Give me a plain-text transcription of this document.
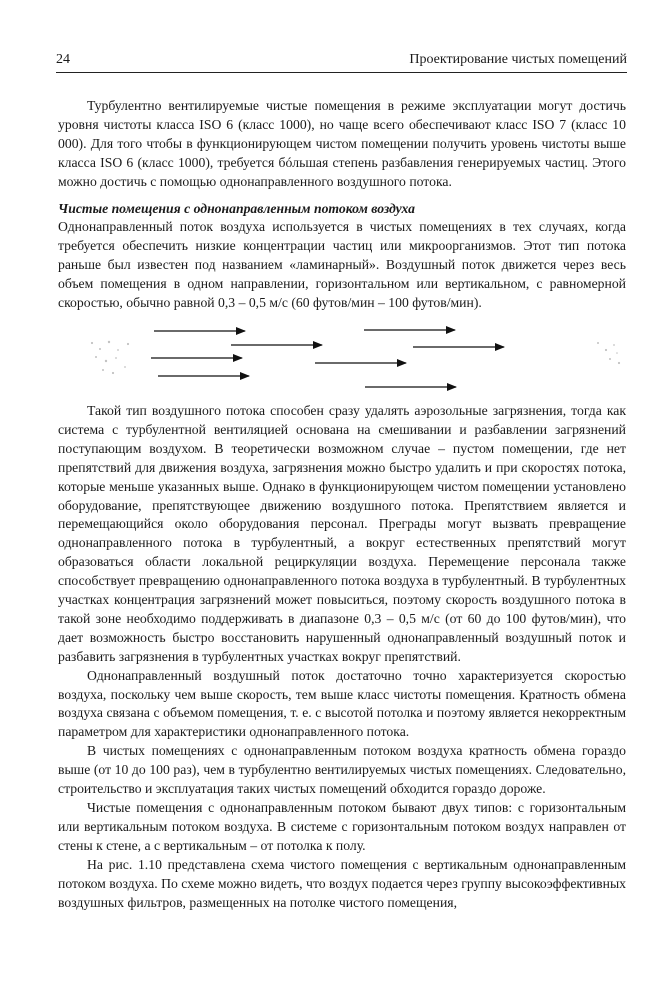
24	Проектирование чистых помещений

Турбулентно вентилируемые чистые помещения в режиме эксплуатации могут достичь уровня чистоты класса ISO 6 (класс 1000), но чаще всего обеспечивают класс ISO 7 (класс 10 000). Для того чтобы в функционирующем чистом помещении получить уровень чистоты выше класса ISO 6 (класс 1000), требуется бóльшая степень разбавления генерируемых частиц. Этого можно достичь с помощью однонаправленного воздушного потока.

Чистые помещения с однонаправленным потоком воздуха

Однонаправленный поток воздуха используется в чистых помещениях в тех случаях, когда требуется обеспечить низкие концентрации частиц или микроорганизмов. Этот тип потока раньше был известен под названием «ламинарный». Воздушный поток движется через весь объем помещения в одном направлении, горизонтальном или вертикальном, с равномерной скоростью, обычно равной 0,3 – 0,5 м/с (60 футов/мин – 100 футов/мин).

Такой тип воздушного потока способен сразу удалять аэрозольные загрязнения, тогда как система с турбулентной вентиляцией основана на смешивании и разбавлении загрязнений поступающим воздухом. В теоретически возможном случае – пустом помещении, где нет препятствий для движения воздуха, загрязнения можно быстро удалить и при скоростях потока, которые меньше указанных выше. Однако в функционирующем чистом помещении установлено оборудование, препятствующее движению воздушного потока. Препятствием является и перемещающийся около оборудования персонал. Преграды могут вызвать превращение однонаправленного потока в турбулентный, а вокруг естественных препятствий могут образоваться области локальной рециркуляции воздуха. Перемещение персонала также способствует превращению однонаправленного потока воздуха в турбулентный. В турбулентных участках концентрация загрязнений может повыситься, поэтому скорость воздушного потока в такой зоне необходимо поддерживать в диапазоне 0,3 – 0,5 м/с (от 60 до 100 футов/мин), что дает возможность быстро восстановить нарушенный однонаправленный воздушный поток и разбавить загрязнения в турбулентных участках вокруг препятствий.

Однонаправленный воздушный поток достаточно точно характеризуется скоростью воздуха, поскольку чем выше скорость, тем выше класс чистоты помещения. Кратность обмена воздуха связана с объемом помещения, т. е. с высотой потолка и поэтому является некорректным параметром для характеристики однонаправленного потока.

В чистых помещениях с однонаправленным потоком воздуха кратность обмена гораздо выше (от 10 до 100 раз), чем в турбулентно вентилируемых чистых помещениях. Следовательно, строительство и эксплуатация таких чистых помещений обходится гораздо дороже.

Чистые помещения с однонаправленным потоком бывают двух типов: с горизонтальным или вертикальным потоком воздуха. В системе с горизонтальным потоком воздух направлен от стены к стене, а с вертикальным – от потолка к полу.

На рис. 1.10 представлена схема чистого помещения с вертикальным однонаправленным потоком воздуха. По схеме можно видеть, что воздух подается через группу высокоэффективных воздушных фильтров, размещенных на потолке чистого помещения,
